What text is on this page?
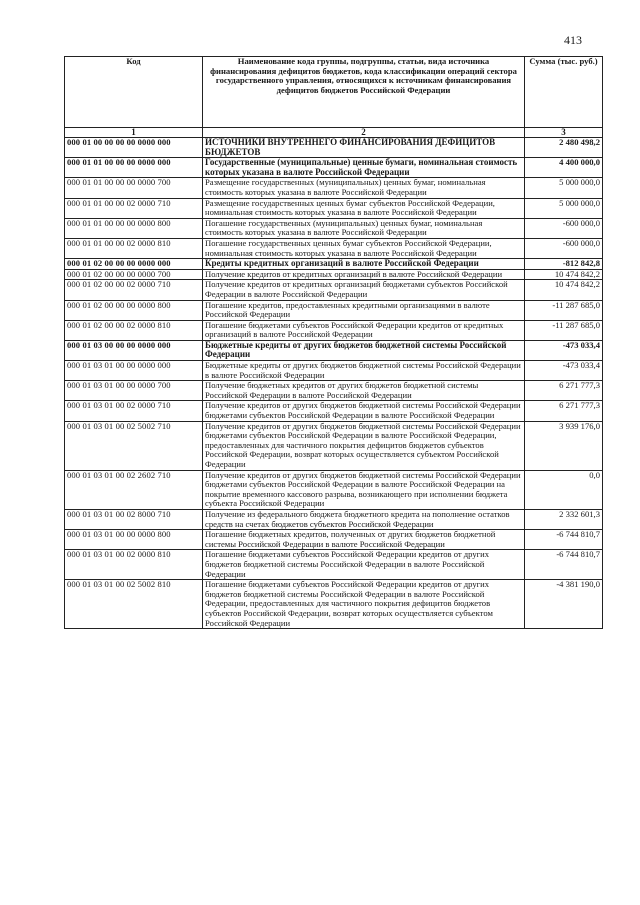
413
Код	Наименование кода группы, подгруппы, статьи, вида источника финансирования дефицитов бюджетов, кода классификации операций сектора государственного управления, относящихся к источникам финансирования дефицитов бюджетов Российской Федерации	Сумма (тыс. руб.)
1	2	3
000 01 00 00 00 00 0000 000	ИСТОЧНИКИ ВНУТРЕННЕГО ФИНАНСИРОВАНИЯ ДЕФИЦИТОВ БЮДЖЕТОВ	2 480 498,2
000 01 01 00 00 00 0000 000	Государственные (муниципальные) ценные бумаги, номинальная стоимость которых указана в валюте Российской Федерации	4 400 000,0
000 01 01 00 00 00 0000 700	Размещение государственных (муниципальных) ценных бумаг, номинальная стоимость которых указана в валюте Российской Федерации	5 000 000,0
000 01 01 00 00 02 0000 710	Размещение государственных ценных бумаг субъектов Российской Федерации, номинальная стоимость которых указана в валюте Российской Федерации	5 000 000,0
000 01 01 00 00 00 0000 800	Погашение государственных (муниципальных) ценных бумаг, номинальная стоимость которых указана в валюте Российской Федерации	-600 000,0
000 01 01 00 00 02 0000 810	Погашение государственных ценных бумаг субъектов Российской Федерации, номинальная стоимость которых указана в валюте Российской Федерации	-600 000,0
000 01 02 00 00 00 0000 000	Кредиты кредитных организаций в валюте Российской Федерации	-812 842,8
000 01 02 00 00 00 0000 700	Получение кредитов от кредитных организаций в валюте Российской Федерации	10 474 842,2
000 01 02 00 00 02 0000 710	Получение кредитов от кредитных организаций бюджетами субъектов Российской Федерации в валюте Российской Федерации	10 474 842,2
000 01 02 00 00 00 0000 800	Погашение кредитов, предоставленных кредитными организациями в валюте Российской Федерации	-11 287 685,0
000 01 02 00 00 02 0000 810	Погашение бюджетами субъектов Российской Федерации кредитов от кредитных организаций в валюте Российской Федерации	-11 287 685,0
000 01 03 00 00 00 0000 000	Бюджетные кредиты от других бюджетов бюджетной системы Российской Федерации	-473 033,4
000 01 03 01 00 00 0000 000	Бюджетные кредиты от других бюджетов бюджетной системы Российской Федерации в валюте Российской Федерации	-473 033,4
000 01 03 01 00 00 0000 700	Получение бюджетных кредитов от других бюджетов бюджетной системы Российской Федерации в валюте Российской Федерации	6 271 777,3
000 01 03 01 00 02 0000 710	Получение кредитов от других бюджетов бюджетной системы Российской Федерации бюджетами субъектов Российской Федерации в валюте Российской Федерации	6 271 777,3
000 01 03 01 00 02 5002 710	Получение кредитов от других бюджетов бюджетной системы Российской Федерации бюджетами субъектов Российской Федерации в валюте Российской Федерации, предоставленных для частичного покрытия дефицитов бюджетов субъектов Российской Федерации, возврат которых осуществляется субъектом Российской Федерации	3 939 176,0
000 01 03 01 00 02 2602 710	Получение кредитов от других бюджетов бюджетной системы Российской Федерации бюджетами субъектов Российской Федерации в валюте Российской Федерации на покрытие временного кассового разрыва, возникающего при исполнении бюджета субъекта Российской Федерации	0,0
000 01 03 01 00 02 8000 710	Получение из федерального бюджета бюджетного кредита на пополнение остатков средств на счетах бюджетов субъектов Российской Федерации	2 332 601,3
000 01 03 01 00 00 0000 800	Погашение бюджетных кредитов, полученных от других бюджетов бюджетной системы Российской Федерации в валюте Российской Федерации	-6 744 810,7
000 01 03 01 00 02 0000 810	Погашение бюджетами субъектов Российской Федерации кредитов от других бюджетов бюджетной системы Российской Федерации в валюте Российской Федерации	-6 744 810,7
000 01 03 01 00 02 5002 810	Погашение бюджетами субъектов Российской Федерации кредитов от других бюджетов бюджетной системы Российской Федерации в валюте Российской Федерации, предоставленных для частичного покрытия дефицитов бюджетов субъектов Российской Федерации, возврат которых осуществляется субъектом Российской Федерации	-4 381 190,0
